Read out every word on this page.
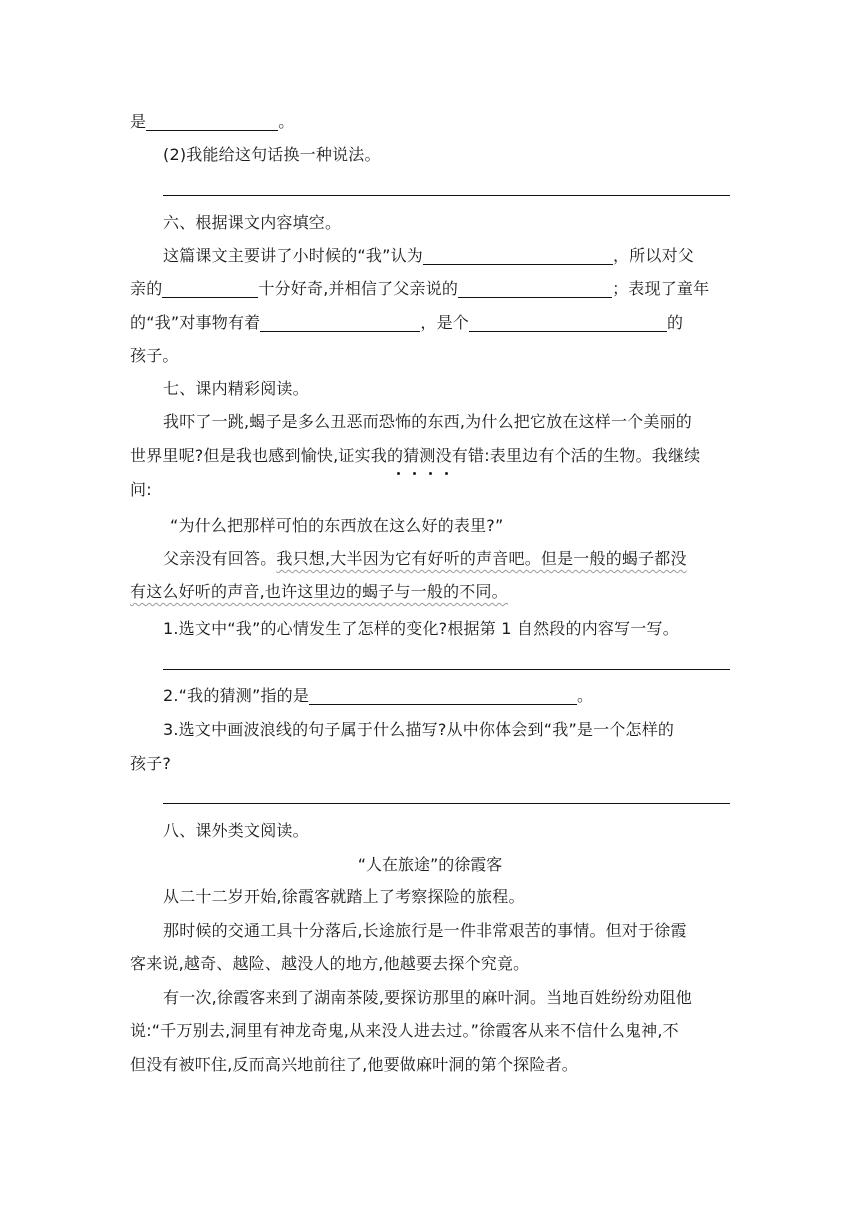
是	。
(2)我能给这句话换一种说法。
六、根据课文内容填空。
这篇课文主要讲了小时候的“我”认为	，所以对父
亲的	十分好奇,并相信了父亲说的	；表现了童年
的“我”对事物有着	，是个	的
孩子。
七、课内精彩阅读。
我吓了一跳,蝎子是多么丑恶而恐怖的东西,为什么把它放在这样一个美丽的
世界里呢?但是我也感到愉快,证实我的猜测没有错:表里边有个活的生物。我继续
问:
“为什么把那样可怕的东西放在这么好的表里?”
父亲没有回答。我只想,大半因为它有好听的声音吧。但是一般的蝎子都没
有这么好听的声音,也许这里边的蝎子与一般的不同。
1.选文中“我”的心情发生了怎样的变化?根据第 1 自然段的内容写一写。
2.“我的猜测”指的是	。
3.选文中画波浪线的句子属于什么描写?从中你体会到“我”是一个怎样的
孩子?
八、课外类文阅读。
“人在旅途”的徐霞客
从二十二岁开始,徐霞客就踏上了考察探险的旅程。
那时候的交通工具十分落后,长途旅行是一件非常艰苦的事情。但对于徐霞
客来说,越奇、越险、越没人的地方,他越要去探个究竟。
有一次,徐霞客来到了湖南茶陵,要探访那里的麻叶洞。当地百姓纷纷劝阻他
说:“千万别去,洞里有神龙奇鬼,从来没人进去过。”徐霞客从来不信什么鬼神,不
但没有被吓住,反而高兴地前往了,他要做麻叶洞的第个探险者。
